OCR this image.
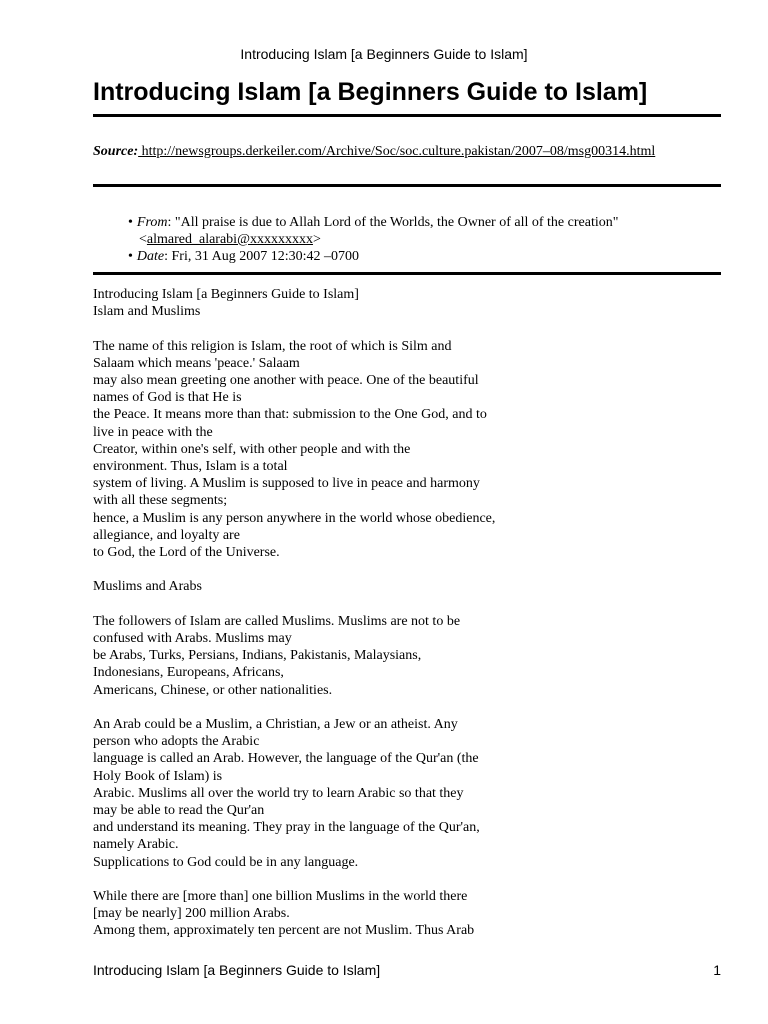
Introducing Islam [a Beginners Guide to Islam]
Introducing Islam [a Beginners Guide to Islam]
Source: http://newsgroups.derkeiler.com/Archive/Soc/soc.culture.pakistan/2007–08/msg00314.html
• From: "All praise is due to Allah Lord of the Worlds, the Owner of all of the creation"
<almared_alarabi@xxxxxxxxx>
• Date: Fri, 31 Aug 2007 12:30:42 –0700

Introducing Islam [a Beginners Guide to Islam]
Islam and Muslims

The name of this religion is Islam, the root of which is Silm and
Salaam which means 'peace.' Salaam
may also mean greeting one another with peace. One of the beautiful
names of God is that He is
the Peace. It means more than that: submission to the One God, and to
live in peace with the
Creator, within one's self, with other people and with the
environment. Thus, Islam is a total
system of living. A Muslim is supposed to live in peace and harmony
with all these segments;
hence, a Muslim is any person anywhere in the world whose obedience,
allegiance, and loyalty are
to God, the Lord of the Universe.

Muslims and Arabs

The followers of Islam are called Muslims. Muslims are not to be
confused with Arabs. Muslims may
be Arabs, Turks, Persians, Indians, Pakistanis, Malaysians,
Indonesians, Europeans, Africans,
Americans, Chinese, or other nationalities.

An Arab could be a Muslim, a Christian, a Jew or an atheist. Any
person who adopts the Arabic
language is called an Arab. However, the language of the Qur'an (the
Holy Book of Islam) is
Arabic. Muslims all over the world try to learn Arabic so that they
may be able to read the Qur'an
and understand its meaning. They pray in the language of the Qur'an,
namely Arabic.
Supplications to God could be in any language.

While there are [more than] one billion Muslims in the world there
[may be nearly] 200 million Arabs.
Among them, approximately ten percent are not Muslim. Thus Arab

Introducing Islam [a Beginners Guide to Islam]	1
